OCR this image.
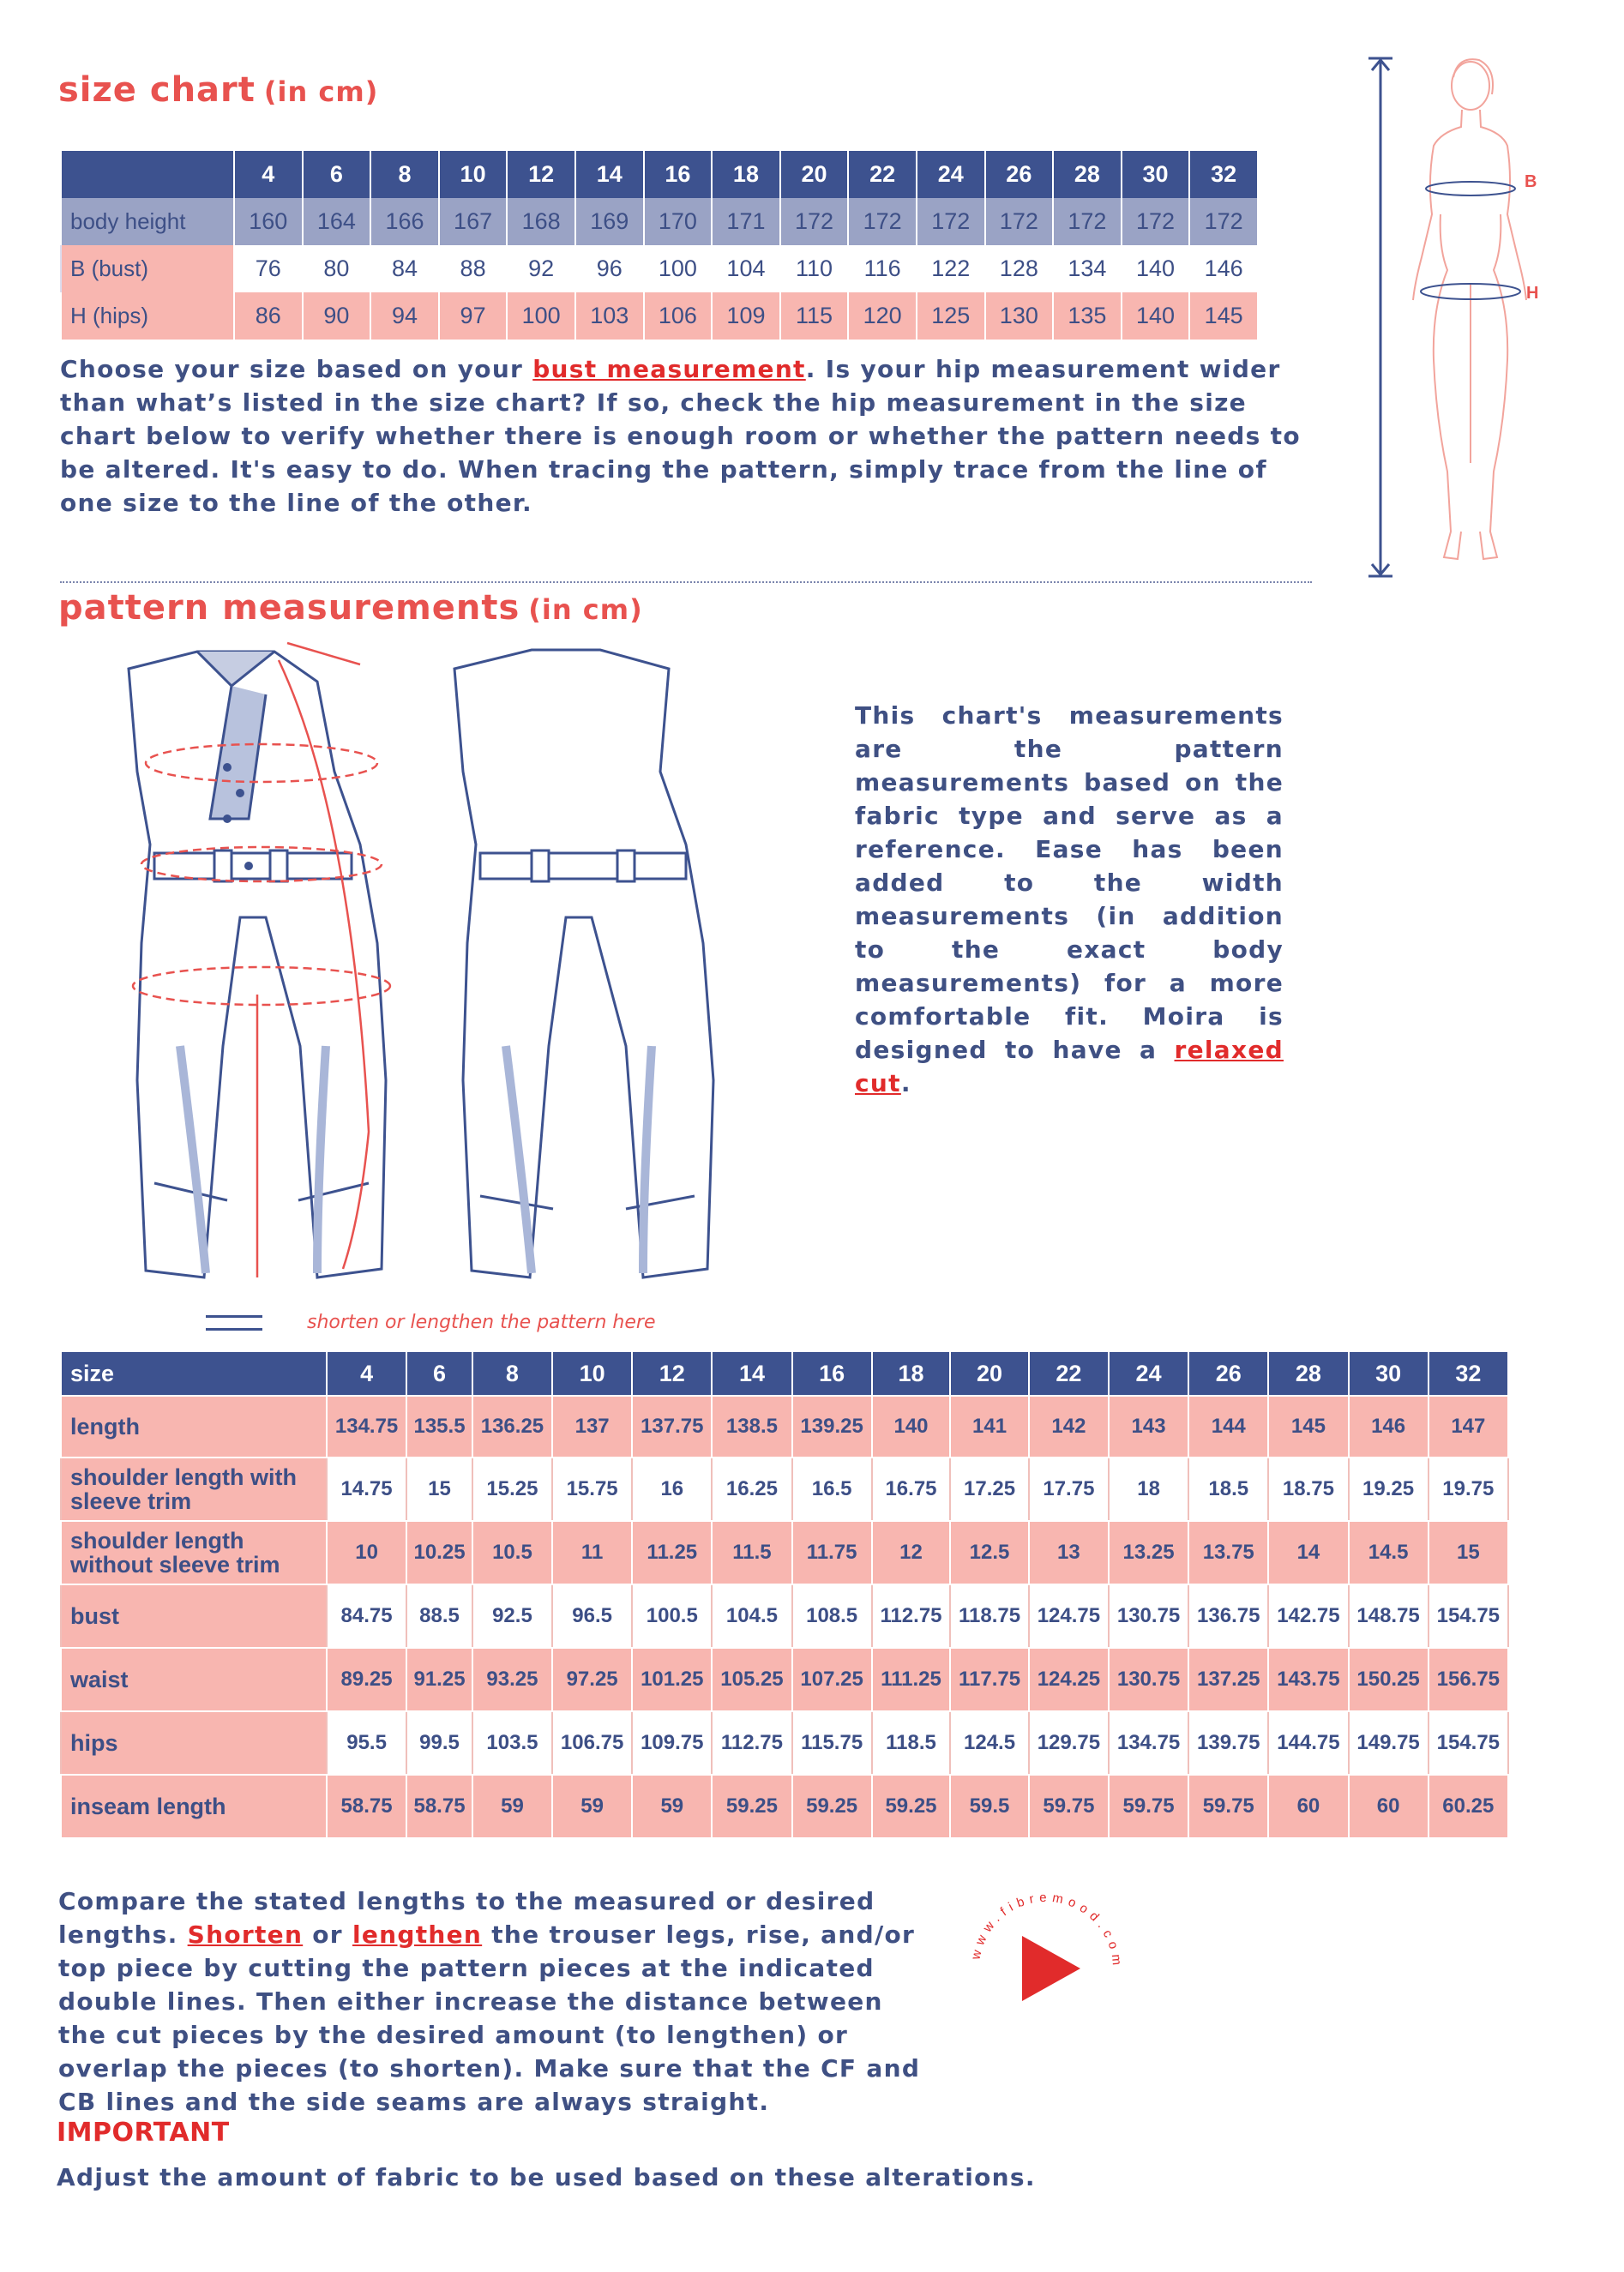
size chart (in cm)
	4	6	8	10	12	14	16	18	20	22	24	26	28	30	32
body height	160	164	166	167	168	169	170	171	172	172	172	172	172	172	172
B (bust)	76	80	84	88	92	96	100	104	110	116	122	128	134	140	146
H (hips)	86	90	94	97	100	103	106	109	115	120	125	130	135	140	145
Choose your size based on your bust measurement. Is your hip measurement wider than what’s listed in the size chart? If so, check the hip measurement in the size chart below to verify whether there is enough room or whether the pattern needs to be altered. It's easy to do. When tracing the pattern, simply trace from the line of one size to the line of the other.
B
H
pattern measurements (in cm)
This chart's measurements are the pattern measurements based on the fabric type and serve as a reference. Ease has been added to the width measurements (in addition to the exact body measurements) for a more comfortable fit. Moira is designed to have a relaxed cut.
shorten or lengthen the pattern here
size	4	6	8	10	12	14	16	18	20	22	24	26	28	30	32
length	134.75	135.5	136.25	137	137.75	138.5	139.25	140	141	142	143	144	145	146	147
shoulder length with sleeve trim	14.75	15	15.25	15.75	16	16.25	16.5	16.75	17.25	17.75	18	18.5	18.75	19.25	19.75
shoulder length without sleeve trim	10	10.25	10.5	11	11.25	11.5	11.75	12	12.5	13	13.25	13.75	14	14.5	15
bust	84.75	88.5	92.5	96.5	100.5	104.5	108.5	112.75	118.75	124.75	130.75	136.75	142.75	148.75	154.75
waist	89.25	91.25	93.25	97.25	101.25	105.25	107.25	111.25	117.75	124.25	130.75	137.25	143.75	150.25	156.75
hips	95.5	99.5	103.5	106.75	109.75	112.75	115.75	118.5	124.5	129.75	134.75	139.75	144.75	149.75	154.75
inseam length	58.75	58.75	59	59	59	59.25	59.25	59.25	59.5	59.75	59.75	59.75	60	60	60.25
Compare the stated lengths to the measured or desired lengths. Shorten or lengthen the trouser legs, rise, and/or top piece by cutting the pattern pieces at the indicated double lines. Then either increase the distance between the cut pieces by the desired amount (to lengthen) or overlap the pieces (to shorten). Make sure that the CF and CB lines and the side seams are always straight.
www.fibremood.com
IMPORTANT
Adjust the amount of fabric to be used based on these alterations.
